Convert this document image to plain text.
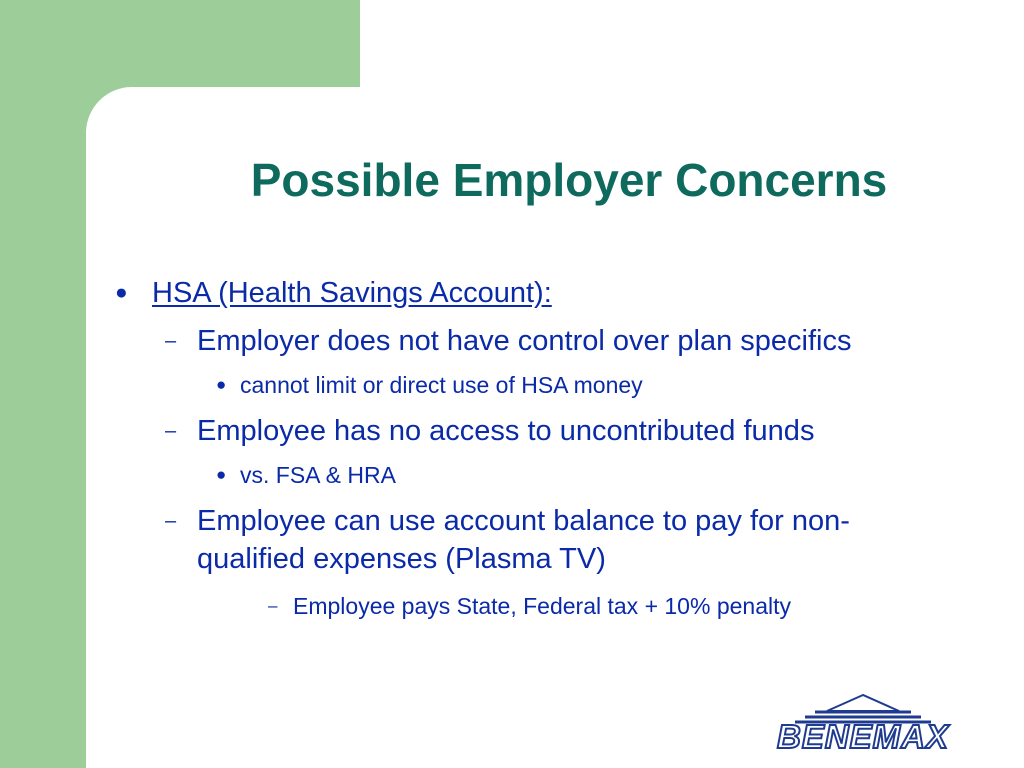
Possible Employer Concerns
● HSA (Health Savings Account):
– Employer does not have control over plan specifics
● cannot limit or direct use of HSA money
– Employee has no access to uncontributed funds
● vs. FSA & HRA
– Employee can use account balance to pay for non-
qualified expenses (Plasma TV)
– Employee pays State, Federal tax + 10% penalty
BENEMAX
